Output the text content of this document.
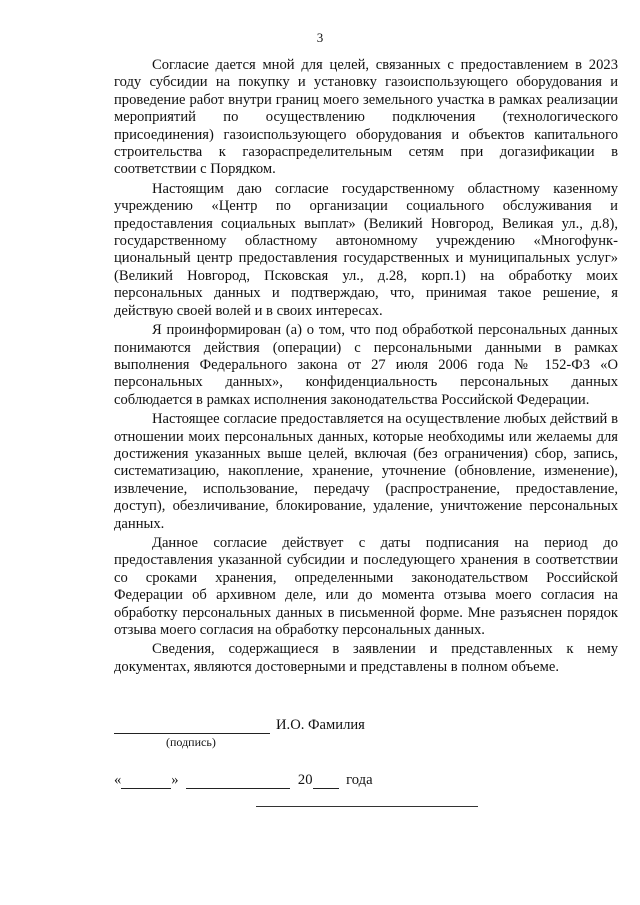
3

Согласие дается мной для целей, связанных с предоставлением в 2023 году субсидии на покупку и установку газоиспользующего оборудования и проведение работ внутри границ моего земельного участка в рамках реализации мероприятий по осуществлению подключения (технологического присоединения) газоиспользующего оборудования и объектов капитального строительства к газораспределительным сетям при догазификации в соответствии с Порядком.

Настоящим даю согласие государственному областному казенному учреждению «Центр по организации социального обслуживания и предоставления социальных выплат» (Великий Новгород, Великая ул., д.8), государственному областному автономному учреждению «Многофунк-циональный центр предоставления государственных и муниципальных услуг» (Великий Новгород, Псковская ул., д.28, корп.1) на обработку моих персональных данных и подтверждаю, что, принимая такое решение, я действую своей волей и в своих интересах.

Я проинформирован (а) о том, что под обработкой персональных данных понимаются действия (операции) с персональными данными в рамках выполнения Федерального закона от 27 июля 2006 года № 152-ФЗ «О персональных данных», конфиденциальность персональных данных соблюдается в рамках исполнения законодательства Российской Федерации.

Настоящее согласие предоставляется на осуществление любых действий в отношении моих персональных данных, которые необходимы или желаемы для достижения указанных выше целей, включая (без ограничения) сбор, запись, систематизацию, накопление, хранение, уточнение (обновление, изменение), извлечение, использование, передачу (распространение, предоставление, доступ), обезличивание, блокирование, удаление, уничтожение персональных данных.

Данное согласие действует с даты подписания на период до предоставления указанной субсидии и последующего хранения в соответствии со сроками хранения, определенными законодательством Российской Федерации об архивном деле, или до момента отзыва моего согласия на обработку персональных данных в письменной форме. Мне разъяснен порядок отзыва моего согласия на обработку персональных данных.

Сведения, содержащиеся в заявлении и представленных к нему документах, являются достоверными и представлены в полном объеме.

И.О. Фамилия
(подпись)
«	»	20 года
